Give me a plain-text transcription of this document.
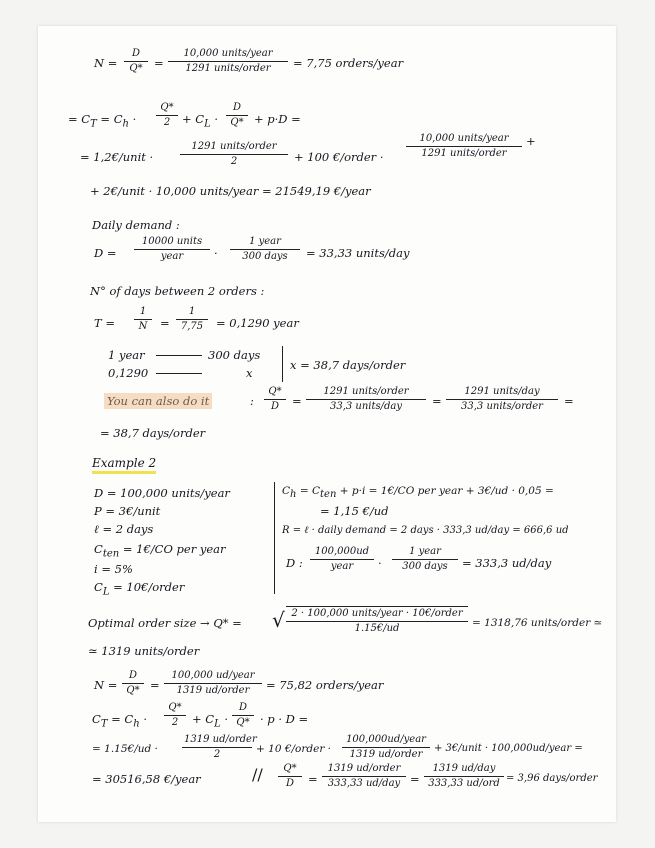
$N = \frac{D}{Q*}$ =
10,000 units/year
1291 units/order	= 7,75 orders/year
= $C_T = C_h \cdot \frac{Q*}{2} + C_L \cdot \frac{D}{Q*} + p\cdot D$ =
= 1,2€/unit ·
1291 units/order
2	+ 100 €/order ·
10,000 units/year
1291 units/order
+
+ 2€/unit · 10,000 units/year = 21549,19 €/year
Daily demand :
D =
10000 units
year	·
1 year
300 days	= 33,33 units/day
N° of days between 2 orders :
$T = \frac{1}{N} = \frac{1}{7,75} = 0,1290$ year
1 year	300 days
0,1290	x
x = 38,7 days/order
You can also do it	: $\frac{Q*}{D}$ =
1291 units/order
33,3 units/day	=
1291 units/day
33,3 units/order	=
= 38,7 days/order
Example 2
D = 100,000 units/year
P = 3€/unit
ℓ = 2 days
$C_{ten}$ = 1€/CO per year
i = 5%
$C_L$ = 10€/order
$C_h = C_{ten} + p\cdot i$ = 1€/CO per year + 3€/ud · 0,05 =
= 1,15 €/ud
R = ℓ · daily demand = 2 days · 333,3 ud/day = 666,6 ud
D :
100,000ud
year	·
1 year
300 days	= 333,3 ud/day
Optimal order size → Q* = √ 2 · 100,000 units/year · 10€/order
1.15€/ud	= 1318,76 units/order ≃
≃ 1319 units/order
$N = \frac{D}{Q*}$ =
100,000 ud/year
1319 ud/order	= 75,82 orders/year
$C_T = C_h \cdot \frac{Q*}{2} + C_L \cdot \frac{D}{Q*} \cdot p \cdot D$ =
= 1.15€/ud ·
1319 ud/order
2	+ 10 €/order ·
100,000ud/year
1319 ud/order
+ 3€/unit · 100,000ud/year =
= 30516,58 €/year	// $\frac{Q*}{D}$ =
1319 ud/order
333,33 ud/day =
1319 ud/day
333,33 ud/ord = 3,96 days/order
